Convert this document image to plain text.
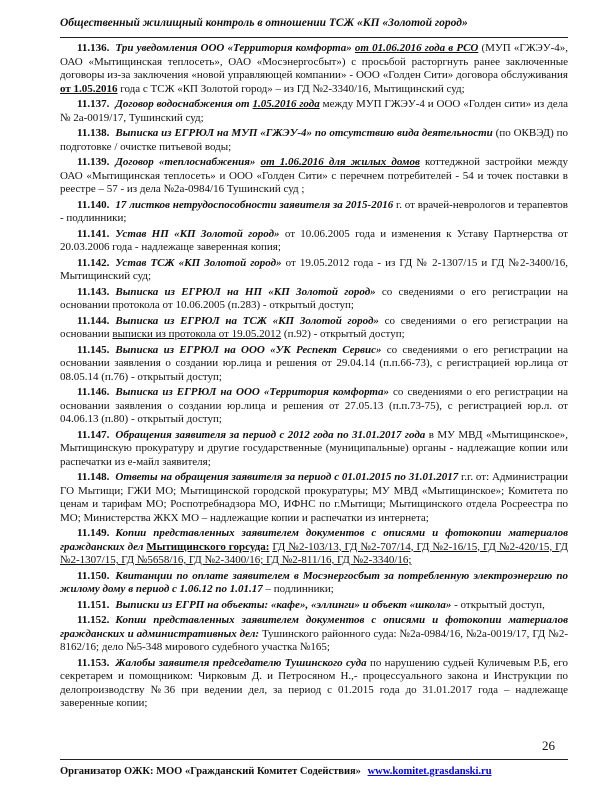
Общественный жилищный контроль в отношении ТСЖ «КП «Золотой город»

11.136. Три уведомления ООО «Территория комфорта» от 01.06.2016 года в РСО (МУП «ГЖЭУ-4», ОАО «Мытищинская теплосеть», ОАО «Мосэнергосбыт») с просьбой расторгнуть ранее заключенные договоры из-за заключения «новой управляющей компании» - ООО «Голден Сити» договора обслуживания от 1.05.2016 года с ТСЖ «КП Золотой город» – из ГД №2-3340/16, Мытищинский суд;

11.137. Договор водоснабжения от 1.05.2016 года между МУП ГЖЭУ-4 и ООО «Голден сити» из дела № 2а-0019/17, Тушинский суд;

11.138. Выписка из ЕГРЮЛ на МУП «ГЖЭУ-4» по отсутствию вида деятельности (по ОКВЭД) по подготовке / очистке питьевой воды;

11.139. Договор «теплоснабжения» от 1.06.2016 для жилых домов коттеджной застройки между ОАО «Мытищинская теплосеть» и ООО «Голден Сити» с перечнем потребителей - 54 и точек поставки в реестре – 57 - из дела №2а-0984/16 Тушинский суд ;

11.140. 17 листков нетрудоспособности заявителя за 2015-2016 г. от врачей-неврологов и терапевтов - подлинники;

11.141. Устав НП «КП Золотой город» от 10.06.2005 года и изменения к Уставу Партнерства от 20.03.2006 года - надлежаще заверенная копия;

11.142. Устав ТСЖ «КП Золотой город» от 19.05.2012 года - из ГД № 2-1307/15 и ГД №2-3400/16, Мытищинский суд;

11.143. Выписка из ЕГРЮЛ на НП «КП Золотой город» со сведениями о его регистрации на основании протокола от 10.06.2005 (п.283) - открытый доступ;

11.144. Выписка из ЕГРЮЛ на ТСЖ «КП Золотой город» со сведениями о его регистрации на основании выписки из протокола от 19.05.2012 (п.92) - открытый доступ;

11.145. Выписка из ЕГРЮЛ на ООО «УК Респект Сервис» со сведениями о его регистрации на основании заявления о создании юр.лица и решения от 29.04.14 (п.п.66-73), с регистрацией юр.лица от 08.05.14 (п.76) - открытый доступ;

11.146. Выписка из ЕГРЮЛ на ООО «Территория комфорта» со сведениями о его регистрации на основании заявления о создании юр.лица и решения от 27.05.13 (п.п.73-75), с регистрацией юр.л. от 04.06.13 (п.80) - открытый доступ;

11.147. Обращения заявителя за период с 2012 года по 31.01.2017 года в МУ МВД «Мытищинское», Мытищинскую прокуратуру и другие государственные (муниципальные) органы - надлежащие копии или распечатки из е-майл заявителя;

11.148. Ответы на обращения заявителя за период с 01.01.2015 по 31.01.2017 г.г. от: Администрации ГО Мытищи; ГЖИ МО; Мытищинской городской прокуратуры; МУ МВД «Мытищинское»; Комитета по ценам и тарифам МО; Роспотребнадзора МО, ИФНС по г.Мытищи; Мытищинского отдела Росреестра по МО; Министерства ЖКХ МО – надлежащие копии и распечатки из интернета;

11.149. Копии представленных заявителем документов с описями и фотокопии материалов гражданских дел Мытищинского горсуда: ГД №2-103/13, ГД №2-707/14, ГД №2-16/15, ГД №2-420/15, ГД №2-1307/15, ГД №5658/16, ГД №2-3400/16; ГД №2-811/16, ГД №2-3340/16;

11.150. Квитанции по оплате заявителем в Мосэнергосбыт за потребленную электроэнергию по жилому дому в период с 1.06.12 по 1.01.17 – подлинники;

11.151. Выписки из ЕГРП на объекты: «кафе», «эллинги» и объект «школа» - открытый доступ,

11.152. Копии представленных заявителем документов с описями и фотокопии материалов гражданских и административных дел: Тушинского районного суда: №2а-0984/16, №2а-0019/17, ГД №2-8162/16; дело №5-348 мирового судебного участка №165;

11.153. Жалобы заявителя председателю Тушинского суда по нарушению судьей Куличевым Р.Б, его секретарем и помощником: Чирковым Д. и Петросяном Н.,- процессуального закона и Инструкции по делопроизводству №36 при ведении дел, за период с 01.2015 года до 31.01.2017 года – надлежаще заверенные копии;

26
Организатор ОЖК: МОО «Гражданский Комитет Содействия» www.komitet.grasdanski.ru
